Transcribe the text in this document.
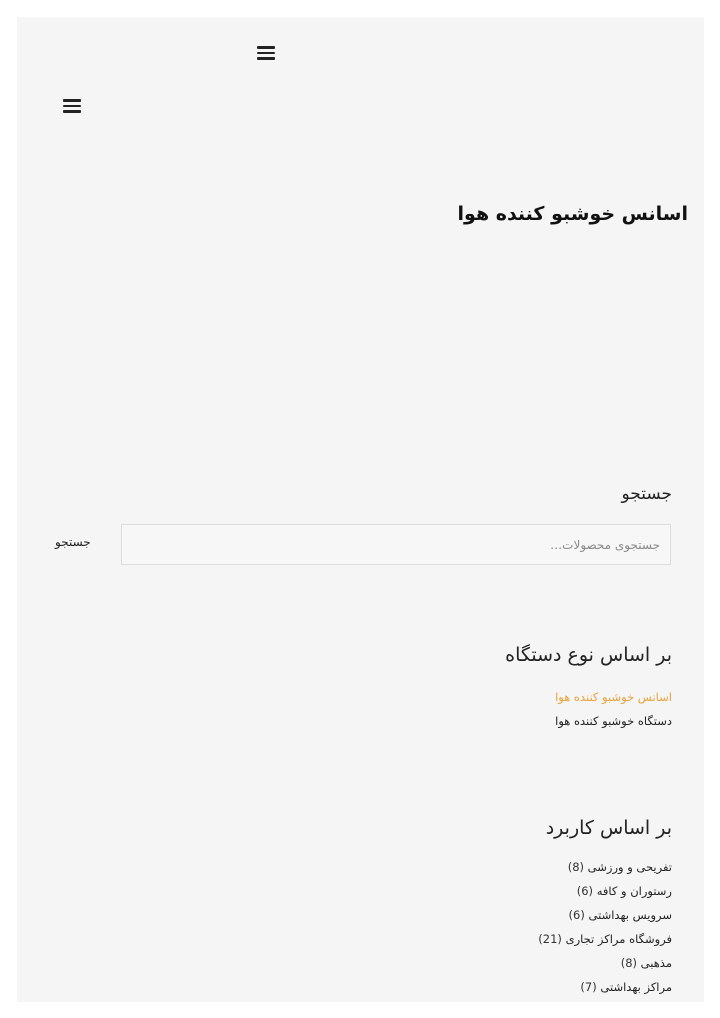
اسانس خوشبو کننده هوا
جستجو
جستجوی محصولات…
جستجو
بر اساس نوع دستگاه
اسانس خوشبو کننده هوا
دستگاه خوشبو کننده هوا
بر اساس کاربرد
تفریحی و ورزشی (8)
رستوران و کافه (6)
سرویس بهداشتی (6)
فروشگاه مراکز تجاری (21)
مذهبی (8)
مراکز بهداشتی (7)
